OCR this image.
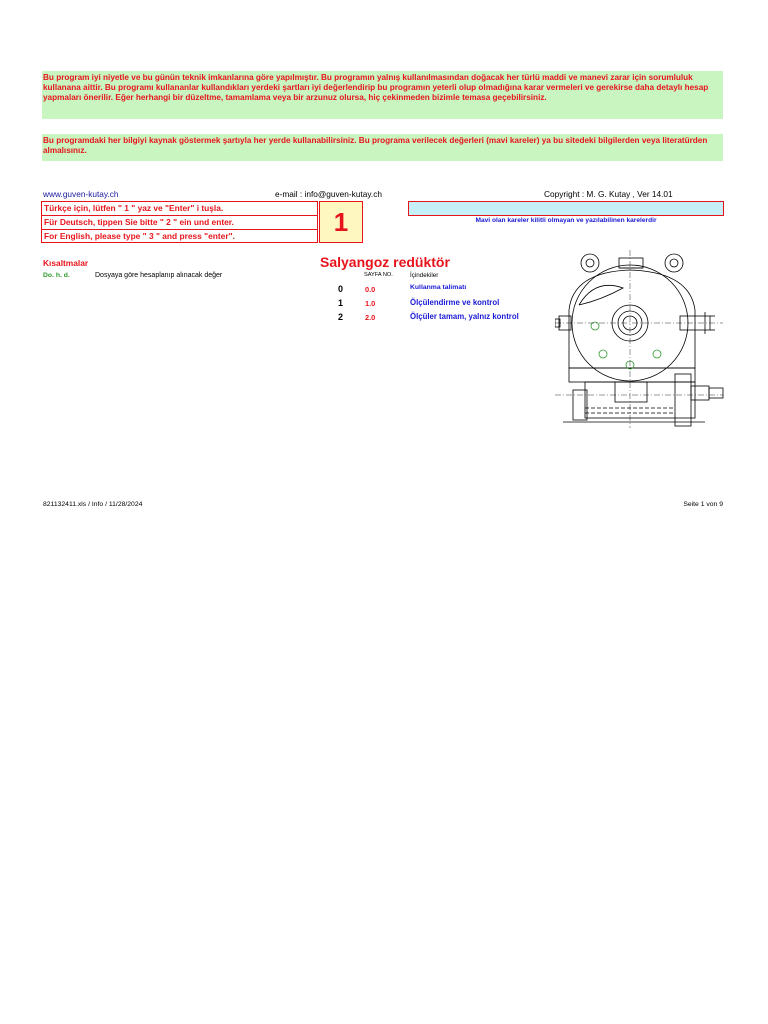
Bu program iyi niyetle ve bu günün teknik imkanlarına göre yapılmıştır. Bu programın yalnış kullanılmasından doğacak her türlü maddi ve manevi zarar için sorumluluk kullanana aittir. Bu programı kullananlar kullandıkları yerdeki şartları iyi değerlendirip bu programın yeterli olup olmadığına karar vermeleri ve gerekirse daha detaylı hesap yapmaları önerilir. Eğer herhangi bir düzeltme, tamamlama veya bir arzunuz olursa, hiç çekinmeden bizimle temasa geçebilirsiniz.
Bu programdaki her bilgiyi kaynak göstermek şartıyla her yerde kullanabilirsiniz. Bu programa verilecek değerleri (mavi kareler) ya bu sitedeki bilgilerden veya literatürden almalısınız.
www.guven-kutay.ch	e-mail : info@guven-kutay.ch	Copyright : M. G. Kutay , Ver 14.01
Türkçe için, lütfen " 1 " yaz ve "Enter" i tuşla.
Für Deutsch, tippen Sie bitte " 2 " ein und enter.
For English, please type " 3 " and press "enter".	1	Mavi olan kareler kilitli olmayan ve yazılabilinen karelerdir
Kısaltmalar
Do. h. d.	Dosyaya göre hesaplanıp alınacak değer
Salyangoz redüktör
SAYFA NO.	İçindekiler
0	0.0	Kullanma talimatı
1	1.0	Ölçülendirme ve kontrol
2	2.0	Ölçüler tamam, yalnız kontrol
821132411.xls / Info / 11/28/2024	Seite 1 von 9
